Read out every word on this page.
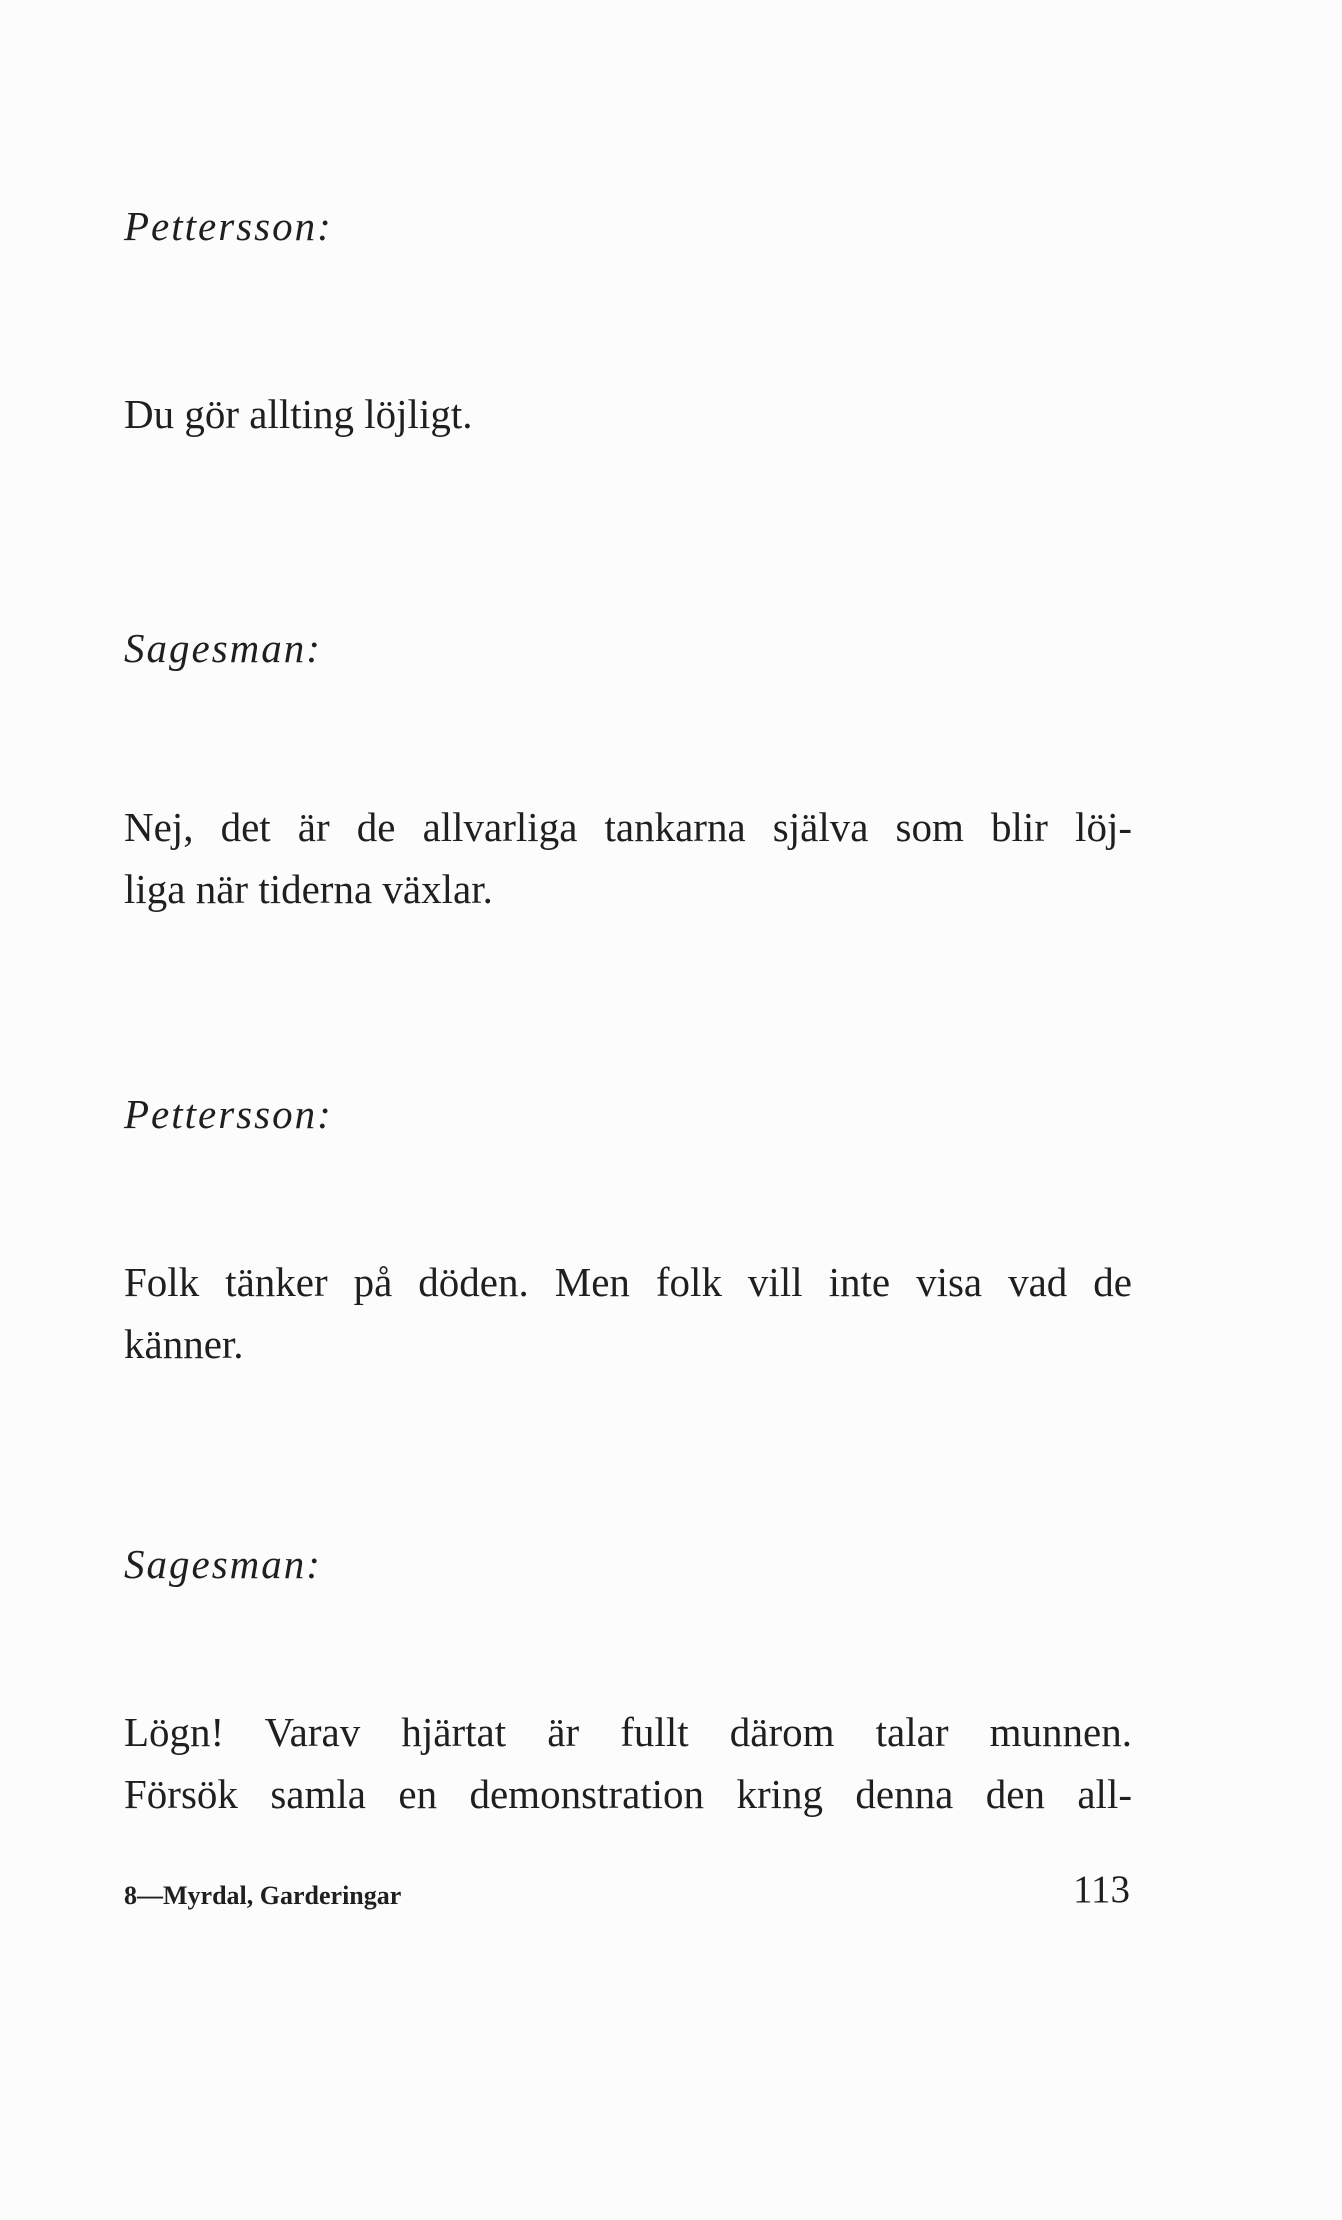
Pettersson:

Du gör allting löjligt.

Sagesman:

Nej, det är de allvarliga tankarna själva som blir löj-
liga när tiderna växlar.

Pettersson:

Folk tänker på döden. Men folk vill inte visa vad de
känner.

Sagesman:

Lögn! Varav hjärtat är fullt därom talar munnen.
Försök samla en demonstration kring denna den all-

8—Myrdal, Garderingar	113
